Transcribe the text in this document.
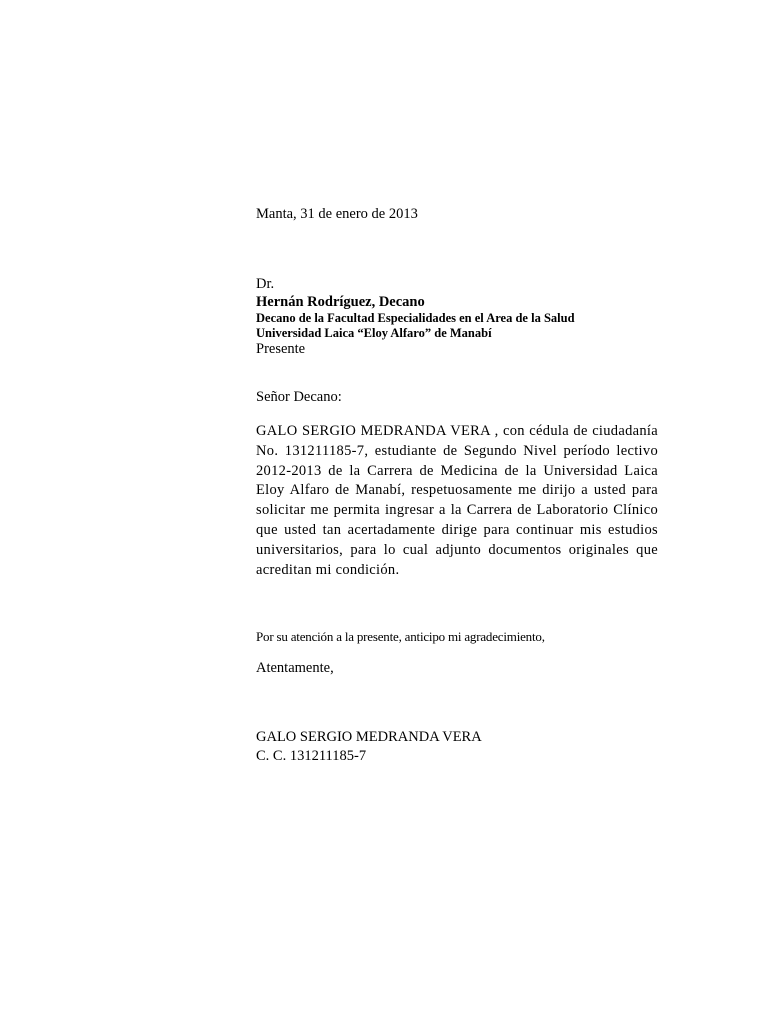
Manta, 31 de enero de 2013
Dr.
Hernán Rodríguez, Decano
Decano de la Facultad Especialidades en el Area de la Salud
Universidad Laica “Eloy Alfaro” de Manabí
Presente
Señor Decano:
GALO SERGIO MEDRANDA VERA , con cédula de ciudadanía No. 131211185-7, estudiante de Segundo Nivel período lectivo 2012-2013 de la Carrera de Medicina de la Universidad Laica Eloy Alfaro de Manabí, respetuosamente me dirijo a usted para solicitar me permita ingresar a la Carrera de Laboratorio Clínico que usted tan acertadamente dirige para continuar mis estudios universitarios, para lo cual adjunto documentos originales que acreditan mi condición.
Por su atención a la presente, anticipo mi agradecimiento,
Atentamente,
GALO SERGIO MEDRANDA VERA
C. C. 131211185-7
